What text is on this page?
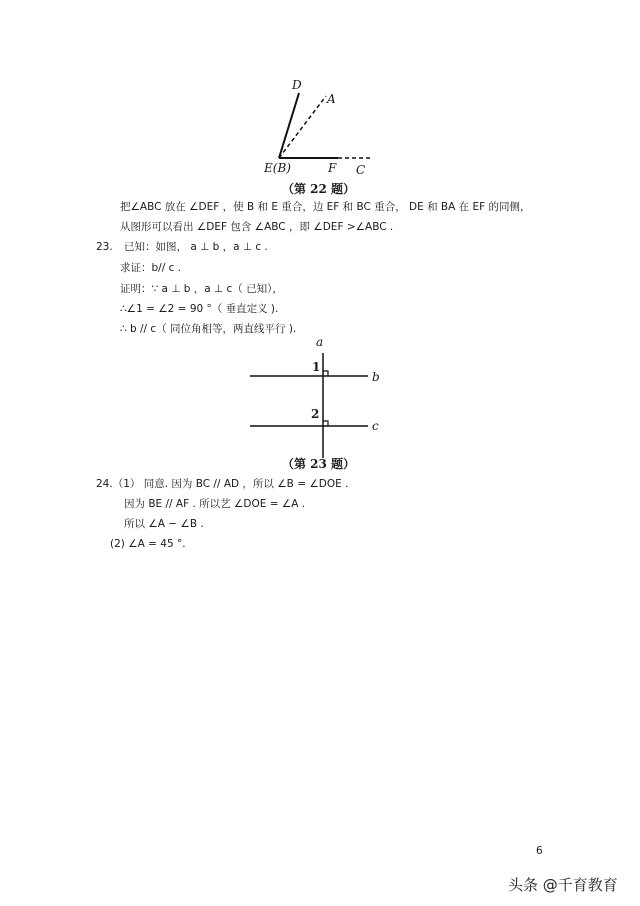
D
A
E(B)	F C
（第 22 题）
把∠ABC 放在 ∠DEF ，使 B 和 E 重合，边 EF 和 BC 重合， DE 和 BA 在 EF 的同侧，
从图形可以看出 ∠DEF 包含 ∠ABC ，即 ∠DEF >∠ABC .
23. 已知：如图， a ⊥ b ，a ⊥ c .
求证：b// c .
证明：∵ a ⊥ b ，a ⊥ c（ 已知），
∴∠1 = ∠2 = 90 °（ 垂直定义 ).
∴ b // c（ 同位角相等，两直线平行 ).
a
1
b
2
c
（第 23 题）
24.（1） 同意. 因为 BC // AD ，所以 ∠B = ∠DOE .
因为 BE // AF . 所以艺 ∠DOE = ∠A .
所以 ∠A − ∠B .
(2) ∠A = 45 °.
6
头条 @千育教育
